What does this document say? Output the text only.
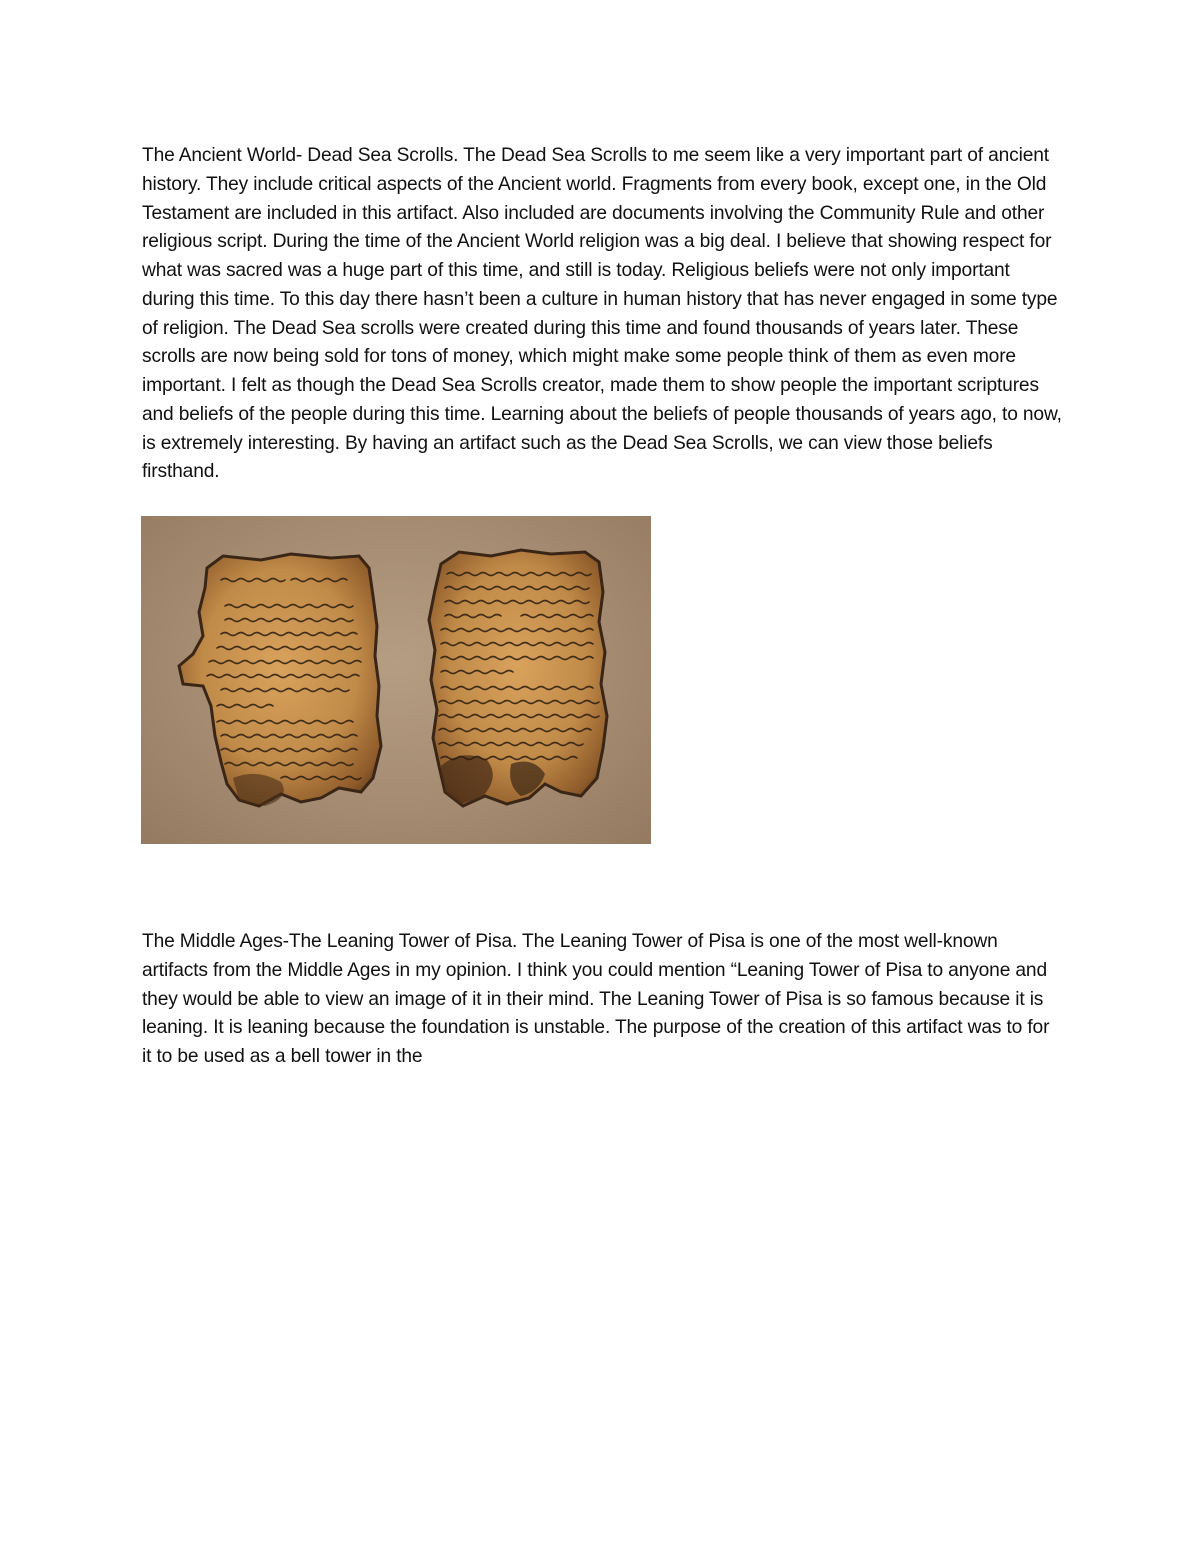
The Ancient World- Dead Sea Scrolls. The Dead Sea Scrolls to me seem like a very important part of ancient history. They include critical aspects of the Ancient world. Fragments from every book, except one, in the Old Testament are included in this artifact. Also included are documents involving the Community Rule and other religious script. During the time of the Ancient World religion was a big deal. I believe that showing respect for what was sacred was a huge part of this time, and still is today. Religious beliefs were not only important during this time. To this day there hasn’t been a culture in human history that has never engaged in some type of religion. The Dead Sea scrolls were created during this time and found thousands of years later. These scrolls are now being sold for tons of money, which might make some people think of them as even more important. I felt as though the Dead Sea Scrolls creator, made them to show people the important scriptures and beliefs of the people during this time. Learning about the beliefs of people thousands of years ago, to now, is extremely interesting. By having an artifact such as the Dead Sea Scrolls, we can view those beliefs firsthand.

The Middle Ages-The Leaning Tower of Pisa. The Leaning Tower of Pisa is one of the most well-known artifacts from the Middle Ages in my opinion. I think you could mention “Leaning Tower of Pisa to anyone and they would be able to view an image of it in their mind. The Leaning Tower of Pisa is so famous because it is leaning. It is leaning because the foundation is unstable. The purpose of the creation of this artifact was to for it to be used as a bell tower in the
